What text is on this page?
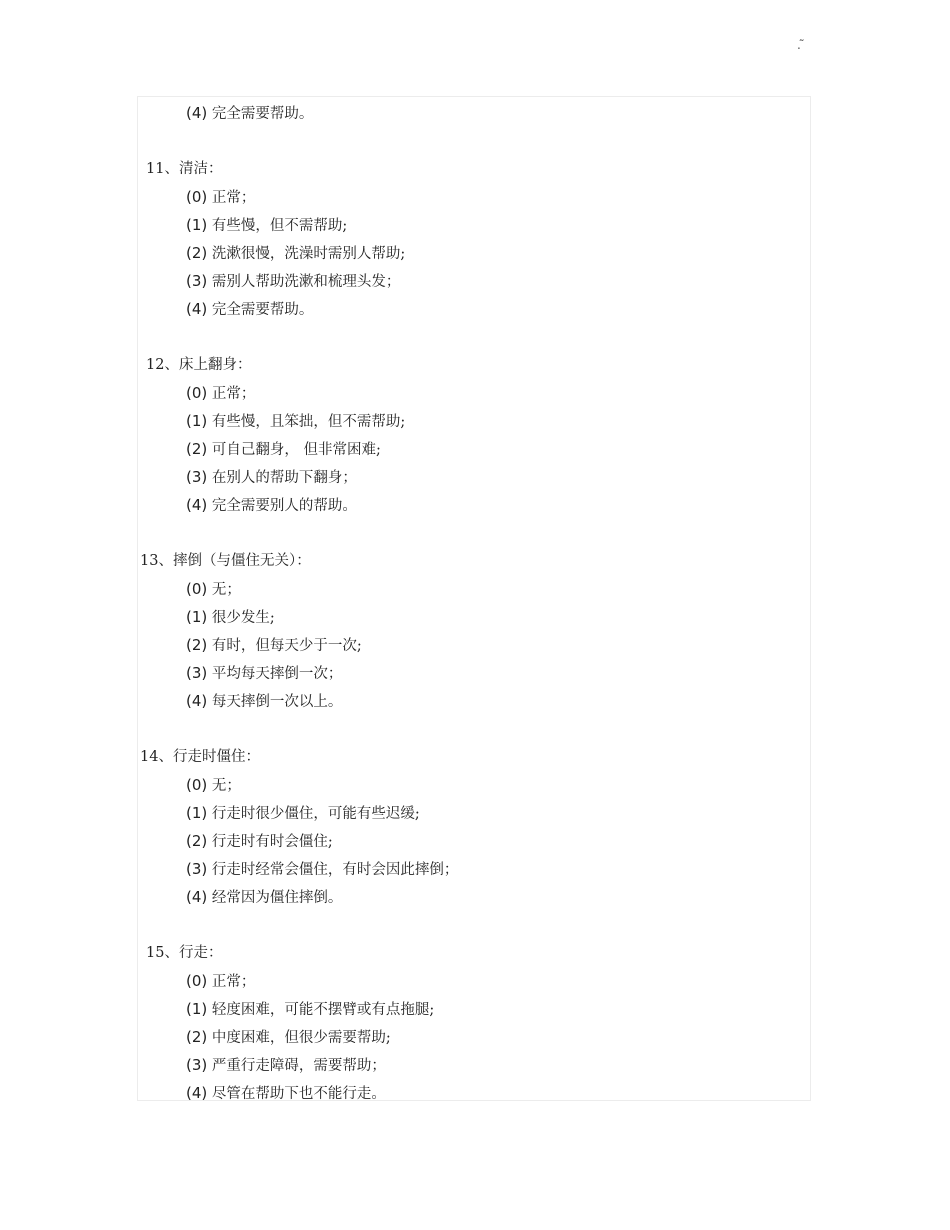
. ̃
(4) 完全需要帮助。
11、清洁：
(0) 正常；
(1) 有些慢，但不需帮助;
(2) 洗漱很慢，洗澡时需别人帮助;
(3) 需别人帮助洗漱和梳理头发；
(4) 完全需要帮助。
12、床上翻身：
(0) 正常；
(1) 有些慢，且笨拙，但不需帮助;
(2) 可自己翻身， 但非常困难;
(3) 在别人的帮助下翻身；
(4) 完全需要别人的帮助。
13、摔倒（与僵住无关）：
(0) 无；
(1) 很少发生;
(2) 有时，但每天少于一次;
(3) 平均每天摔倒一次；
(4) 每天摔倒一次以上。
14、行走时僵住：
(0) 无；
(1) 行走时很少僵住，可能有些迟缓;
(2) 行走时有时会僵住;
(3) 行走时经常会僵住，有时会因此摔倒；
(4) 经常因为僵住摔倒。
15、行走：
(0) 正常；
(1) 轻度困难，可能不摆臂或有点拖腿;
(2) 中度困难，但很少需要帮助;
(3) 严重行走障碍，需要帮助；
(4) 尽管在帮助下也不能行走。
